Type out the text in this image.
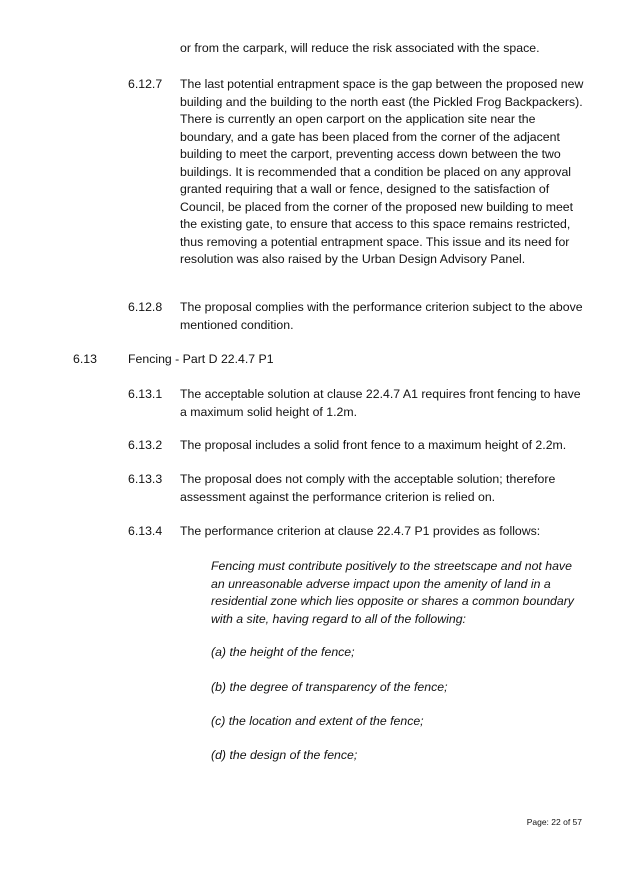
or from the carpark, will reduce the risk associated with the space.

6.12.7 The last potential entrapment space is the gap between the proposed new building and the building to the north east (the Pickled Frog Backpackers). There is currently an open carport on the application site near the boundary, and a gate has been placed from the corner of the adjacent building to meet the carport, preventing access down between the two buildings. It is recommended that a condition be placed on any approval granted requiring that a wall or fence, designed to the satisfaction of Council, be placed from the corner of the proposed new building to meet the existing gate, to ensure that access to this space remains restricted, thus removing a potential entrapment space. This issue and its need for resolution was also raised by the Urban Design Advisory Panel.

6.12.8 The proposal complies with the performance criterion subject to the above mentioned condition.

6.13	Fencing - Part D 22.4.7 P1
6.13.1 The acceptable solution at clause 22.4.7 A1 requires front fencing to have a maximum solid height of 1.2m.

6.13.2 The proposal includes a solid front fence to a maximum height of 2.2m.

6.13.3 The proposal does not comply with the acceptable solution; therefore assessment against the performance criterion is relied on.

6.13.4 The performance criterion at clause 22.4.7 P1 provides as follows:

Fencing must contribute positively to the streetscape and not have an unreasonable adverse impact upon the amenity of land in a residential zone which lies opposite or shares a common boundary with a site, having regard to all of the following:

(a) the height of the fence;

(b) the degree of transparency of the fence;

(c) the location and extent of the fence;

(d) the design of the fence;

Page: 22 of 57
